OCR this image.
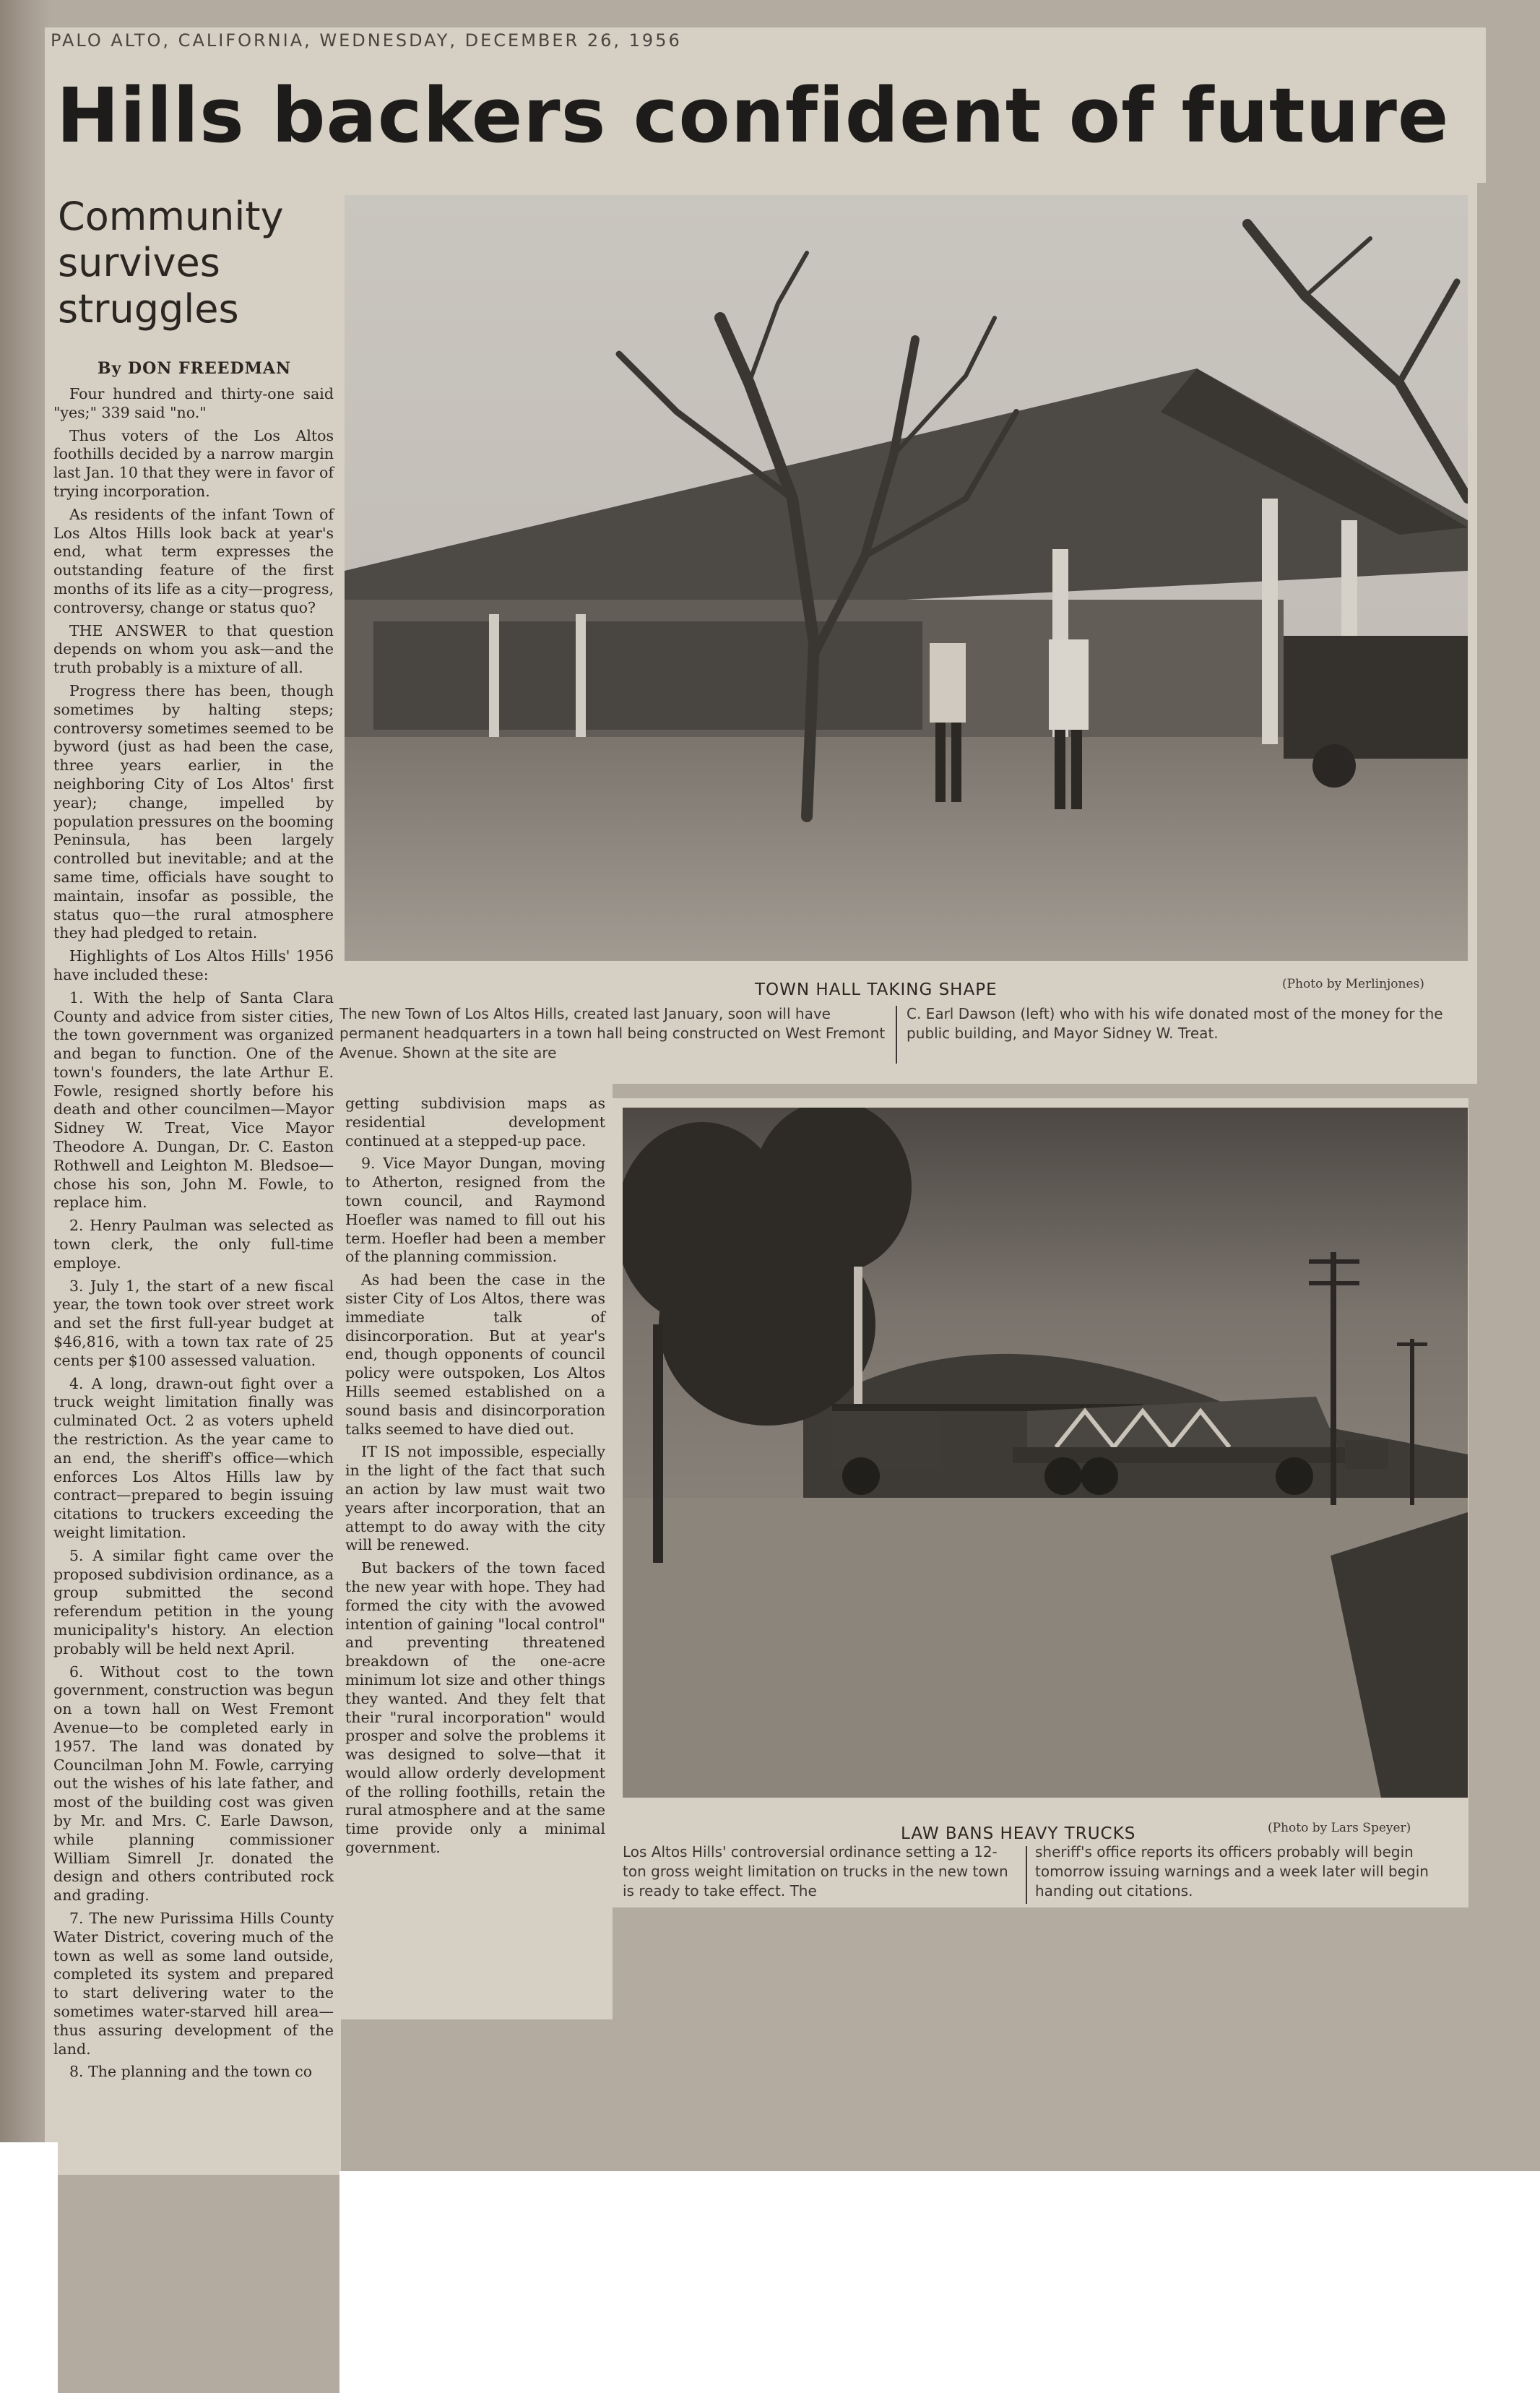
PALO ALTO, CALIFORNIA, WEDNESDAY, DECEMBER 26, 1956
Hills backers confident of future
Community
survives
struggles
By DON FREEDMAN

Four hundred and thirty-one said "yes;" 339 said "no."

Thus voters of the Los Altos foothills decided by a narrow margin last Jan. 10 that they were in favor of trying incorporation.

As residents of the infant Town of Los Altos Hills look back at year's end, what term expresses the outstanding feature of the first months of its life as a city—progress, controversy, change or status quo?

THE ANSWER to that question depends on whom you ask—and the truth probably is a mixture of all.

Progress there has been, though sometimes by halting steps; controversy sometimes seemed to be byword (just as had been the case, three years earlier, in the neighboring City of Los Altos' first year); change, impelled by population pressures on the booming Peninsula, has been largely controlled but inevitable; and at the same time, officials have sought to maintain, insofar as possible, the status quo—the rural atmosphere they had pledged to retain.

Highlights of Los Altos Hills' 1956 have included these:

1. With the help of Santa Clara County and advice from sister cities, the town government was organized and began to function. One of the town's founders, the late Arthur E. Fowle, resigned shortly before his death and other councilmen—Mayor Sidney W. Treat, Vice Mayor Theodore A. Dungan, Dr. C. Easton Rothwell and Leighton M. Bledsoe—chose his son, John M. Fowle, to replace him.

2. Henry Paulman was selected as town clerk, the only full-time employe.

3. July 1, the start of a new fiscal year, the town took over street work and set the first full-year budget at $46,816, with a town tax rate of 25 cents per $100 assessed valuation.

4. A long, drawn-out fight over a truck weight limitation finally was culminated Oct. 2 as voters upheld the restriction. As the year came to an end, the sheriff's office—which enforces Los Altos Hills law by contract—prepared to begin issuing citations to truckers exceeding the weight limitation.

5. A similar fight came over the proposed subdivision ordinance, as a group submitted the second referendum petition in the young municipality's history. An election probably will be held next April.

6. Without cost to the town government, construction was begun on a town hall on West Fremont Avenue—to be completed early in 1957. The land was donated by Councilman John M. Fowle, carrying out the wishes of his late father, and most of the building cost was given by Mr. and Mrs. C. Earle Dawson, while planning commissioner William Simrell Jr. donated the design and others contributed rock and grading.

7. The new Purissima Hills County Water District, covering much of the town as well as some land outside, completed its system and prepared to start delivering water to the sometimes water-starved hill area—thus assuring development of the land.

8. The planning and the town co

getting subdivision maps as residential development continued at a stepped-up pace.

9. Vice Mayor Dungan, moving to Atherton, resigned from the town council, and Raymond Hoefler was named to fill out his term. Hoefler had been a member of the planning commission.

As had been the case in the sister City of Los Altos, there was immediate talk of disincorporation. But at year's end, though opponents of council policy were outspoken, Los Altos Hills seemed established on a sound basis and disincorporation talks seemed to have died out.

IT IS not impossible, especially in the light of the fact that such an action by law must wait two years after incorporation, that an attempt to do away with the city will be renewed.

But backers of the town faced the new year with hope. They had formed the city with the avowed intention of gaining "local control" and preventing threatened breakdown of the one-acre minimum lot size and other things they wanted. And they felt that their "rural incorporation" would prosper and solve the problems it was designed to solve—that it would allow orderly development of the rolling foothills, retain the rural atmosphere and at the same time provide only a minimal government.

TOWN HALL TAKING SHAPE	(Photo by Merlinjones)
The new Town of Los Altos Hills, created last January, soon will have permanent headquarters in a town hall being constructed on West Fremont Avenue. Shown at the site are
C. Earl Dawson (left) who with his wife donated most of the money for the public building, and Mayor Sidney W. Treat.
LAW BANS HEAVY TRUCKS	(Photo by Lars Speyer)
Los Altos Hills' controversial ordinance setting a 12-ton gross weight limitation on trucks in the new town is ready to take effect. The
sheriff's office reports its officers probably will begin tomorrow issuing warnings and a week later will begin handing out citations.
